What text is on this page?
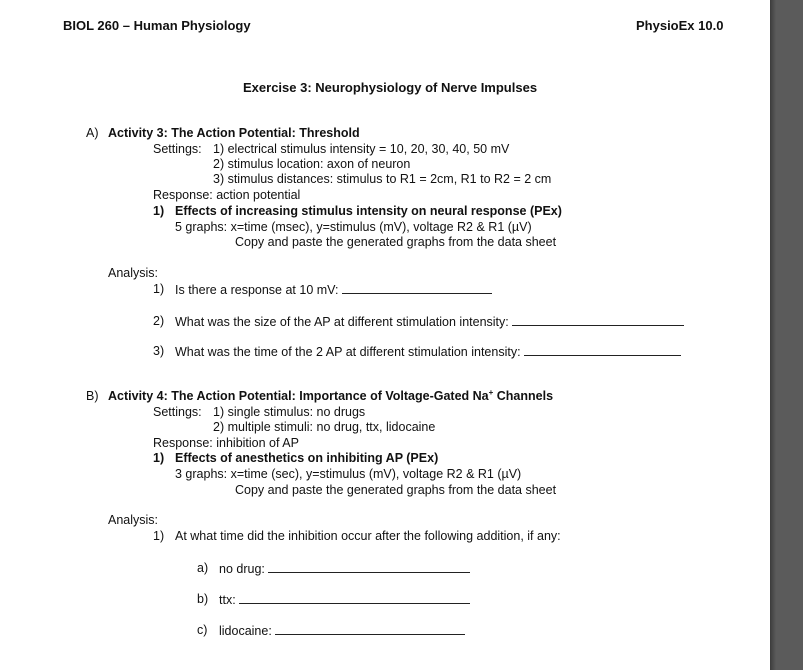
BIOL 260 – Human Physiology	PhysioEx 10.0
Exercise 3: Neurophysiology of Nerve Impulses
A) Activity 3: The Action Potential: Threshold
Settings: 1) electrical stimulus intensity = 10, 20, 30, 40, 50 mV
2) stimulus location: axon of neuron
3) stimulus distances: stimulus to R1 = 2cm, R1 to R2 = 2 cm
Response: action potential
1) Effects of increasing stimulus intensity on neural response (PEx)
5 graphs: x=time (msec), y=stimulus (mV), voltage R2 & R1 (µV)
Copy and paste the generated graphs from the data sheet
Analysis:
1) Is there a response at 10 mV:
2) What was the size of the AP at different stimulation intensity:
3) What was the time of the 2 AP at different stimulation intensity:
B) Activity 4: The Action Potential: Importance of Voltage-Gated Na+ Channels
Settings: 1) single stimulus: no drugs
2) multiple stimuli: no drug, ttx, lidocaine
Response: inhibition of AP
1) Effects of anesthetics on inhibiting AP (PEx)
3 graphs: x=time (sec), y=stimulus (mV), voltage R2 & R1 (µV)
Copy and paste the generated graphs from the data sheet
Analysis:
1) At what time did the inhibition occur after the following addition, if any:
a) no drug:
b) ttx:
c) lidocaine:
